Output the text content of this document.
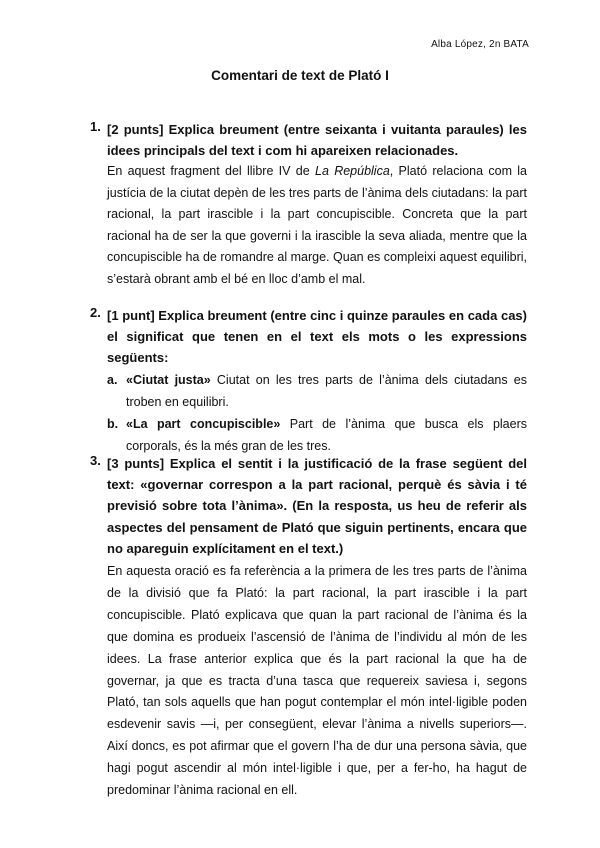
Alba López, 2n BATA
Comentari de text de Plató I
1. [2 punts] Explica breument (entre seixanta i vuitanta paraules) les idees principals del text i com hi apareixen relacionades.
En aquest fragment del llibre IV de La República, Plató relaciona com la justícia de la ciutat depèn de les tres parts de l’ànima dels ciutadans: la part racional, la part irascible i la part concupiscible. Concreta que la part racional ha de ser la que governi i la irascible la seva aliada, mentre que la concupiscible ha de romandre al marge. Quan es compleixi aquest equilibri, s’estarà obrant amb el bé en lloc d’amb el mal.
2. [1 punt] Explica breument (entre cinc i quinze paraules en cada cas) el significat que tenen en el text els mots o les expressions següents:
a. «Ciutat justa» Ciutat on les tres parts de l’ànima dels ciutadans es troben en equilibri.
b. «La part concupiscible» Part de l’ànima que busca els plaers corporals, és la més gran de les tres.
3. [3 punts] Explica el sentit i la justificació de la frase següent del text: «governar correspon a la part racional, perquè és sàvia i té previsió sobre tota l’ànima». (En la resposta, us heu de referir als aspectes del pensament de Plató que siguin pertinents, encara que no apareguin explícitament en el text.)
En aquesta oració es fa referència a la primera de les tres parts de l’ànima de la divisió que fa Plató: la part racional, la part irascible i la part concupiscible. Plató explicava que quan la part racional de l’ànima és la que domina es produeix l’ascensió de l’ànima de l’individu al món de les idees. La frase anterior explica que és la part racional la que ha de governar, ja que es tracta d’una tasca que requereix saviesa i, segons Plató, tan sols aquells que han pogut contemplar el món intel·ligible poden esdevenir savis —i, per consegüent, elevar l’ànima a nivells superiors—. Així doncs, es pot afirmar que el govern l’ha de dur una persona sàvia, que hagi pogut ascendir al món intel·ligible i que, per a fer-ho, ha hagut de predominar l’ànima racional en ell.
